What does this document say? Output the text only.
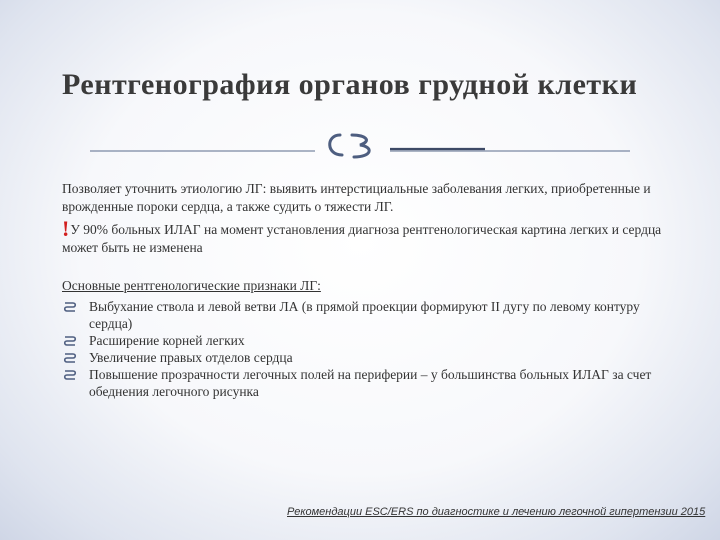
Рентгенография органов грудной клетки
Позволяет уточнить этиологию ЛГ: выявить интерстициальные заболевания легких, приобретенные и врожденные пороки сердца, а также судить о тяжести ЛГ.
!У 90% больных ИЛАГ на момент установления диагноза рентгенологическая картина легких и сердца может быть не изменена
Основные рентгенологические признаки ЛГ:
Выбухание ствола и левой ветви ЛА (в прямой проекции формируют II дугу по левому контуру сердца)
Расширение корней легких
Увеличение правых отделов сердца
Повышение прозрачности легочных полей на периферии – у большинства больных ИЛАГ за счет обеднения легочного рисунка
Рекомендации ESC/ERS по диагностике и лечению легочной гипертензии 2015
